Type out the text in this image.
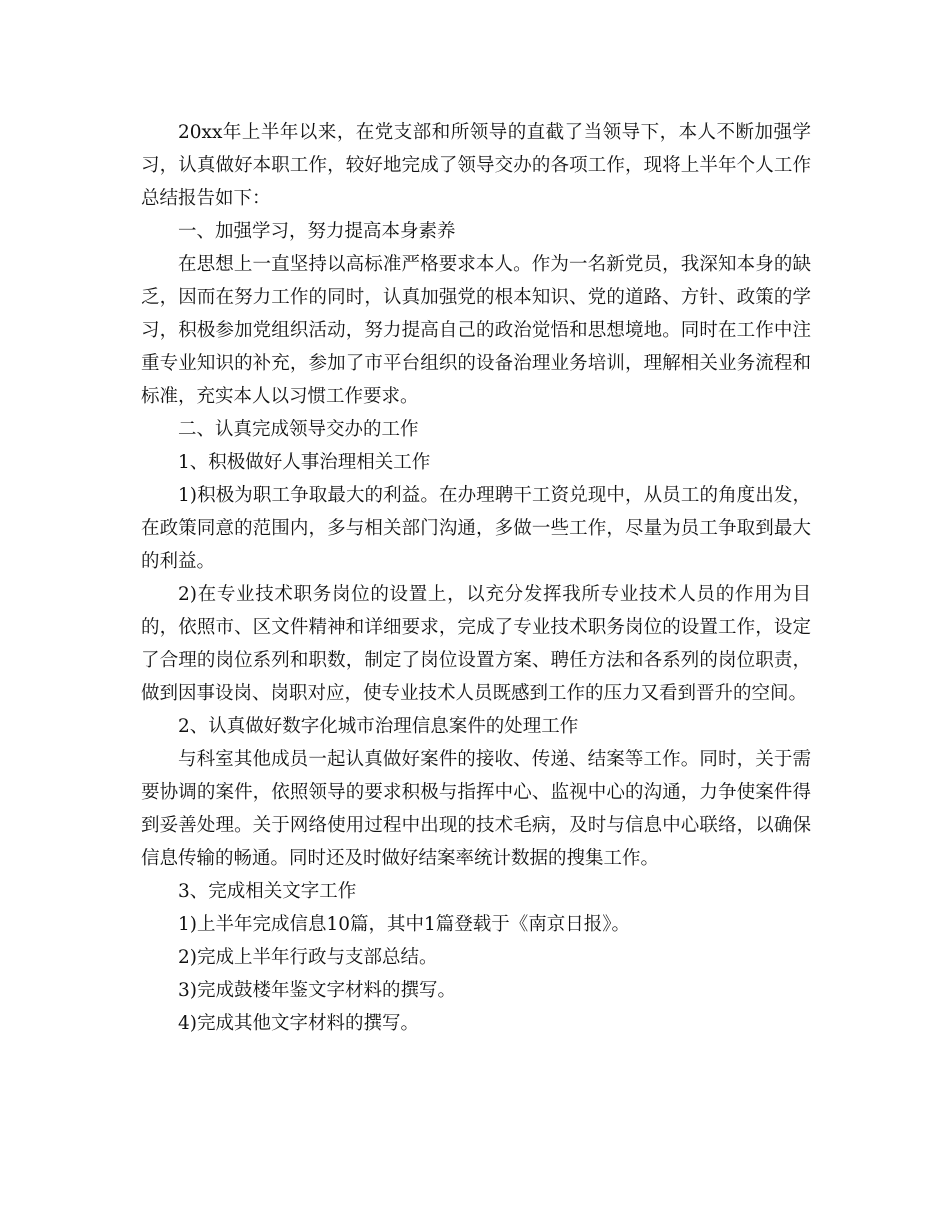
20xx年上半年以来，在党支部和所领导的直截了当领导下，本人不断加强学习，认真做好本职工作，较好地完成了领导交办的各项工作，现将上半年个人工作总结报告如下：

一、加强学习，努力提高本身素养

在思想上一直坚持以高标准严格要求本人。作为一名新党员，我深知本身的缺乏，因而在努力工作的同时，认真加强党的根本知识、党的道路、方针、政策的学习，积极参加党组织活动，努力提高自己的政治觉悟和思想境地。同时在工作中注重专业知识的补充，参加了市平台组织的设备治理业务培训，理解相关业务流程和标准，充实本人以习惯工作要求。

二、认真完成领导交办的工作

1、积极做好人事治理相关工作

1)积极为职工争取最大的利益。在办理聘干工资兑现中，从员工的角度出发，在政策同意的范围内，多与相关部门沟通，多做一些工作，尽量为员工争取到最大的利益。

2)在专业技术职务岗位的设置上，以充分发挥我所专业技术人员的作用为目的，依照市、区文件精神和详细要求，完成了专业技术职务岗位的设置工作，设定了合理的岗位系列和职数，制定了岗位设置方案、聘任方法和各系列的岗位职责，做到因事设岗、岗职对应，使专业技术人员既感到工作的压力又看到晋升的空间。

2、认真做好数字化城市治理信息案件的处理工作

与科室其他成员一起认真做好案件的接收、传递、结案等工作。同时，关于需要协调的案件，依照领导的要求积极与指挥中心、监视中心的沟通，力争使案件得到妥善处理。关于网络使用过程中出现的技术毛病，及时与信息中心联络，以确保信息传输的畅通。同时还及时做好结案率统计数据的搜集工作。

3、完成相关文字工作

1)上半年完成信息10篇，其中1篇登载于《南京日报》。

2)完成上半年行政与支部总结。

3)完成鼓楼年鉴文字材料的撰写。

4)完成其他文字材料的撰写。
